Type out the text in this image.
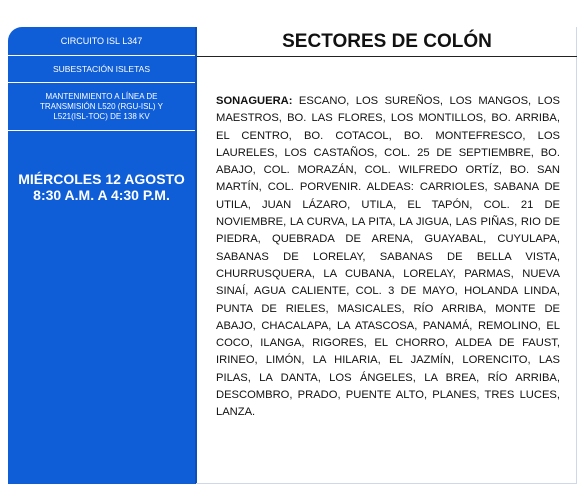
CIRCUITO ISL L347
SUBESTACIÓN ISLETAS
MANTENIMIENTO A LÍNEA DE
TRANSMISIÓN L520 (RGU-ISL) Y
L521(ISL-TOC) DE 138 KV
MIÉRCOLES 12 AGOSTO
8:30 A.M. A 4:30 P.M.
SECTORES DE COLÓN
SONAGUERA: ESCANO, LOS SUREÑOS, LOS MANGOS, LOS MAESTROS, BO. LAS FLORES, LOS MONTILLOS, BO. ARRIBA, EL CENTRO, BO. COTACOL, BO. MONTEFRESCO, LOS LAURELES, LOS CASTAÑOS, COL. 25 DE SEPTIEMBRE, BO. ABAJO, COL. MORAZÁN, COL. WILFREDO ORTÍZ, BO. SAN MARTÍN, COL. PORVENIR. ALDEAS: CARRIOLES, SABANA DE UTILA, JUAN LÁZARO, UTILA, EL TAPÓN, COL. 21 DE NOVIEMBRE, LA CURVA, LA PITA, LA JIGUA, LAS PIÑAS, RIO DE PIEDRA, QUEBRADA DE ARENA, GUAYABAL, CUYULAPA, SABANAS DE LORELAY, SABANAS DE BELLA VISTA, CHURRUSQUERA, LA CUBANA, LORELAY, PARMAS, NUEVA SINAÍ, AGUA CALIENTE, COL. 3 DE MAYO, HOLANDA LINDA, PUNTA DE RIELES, MASICALES, RÍO ARRIBA, MONTE DE ABAJO, CHACALAPA, LA ATASCOSA, PANAMÁ, REMOLINO, EL COCO, ILANGA, RIGORES, EL CHORRO, ALDEA DE FAUST, IRINEO, LIMÓN, LA HILARIA, EL JAZMÍN, LORENCITO, LAS PILAS, LA DANTA, LOS ÁNGELES, LA BREA, RÍO ARRIBA, DESCOMBRO, PRADO, PUENTE ALTO, PLANES, TRES LUCES, LANZA.
